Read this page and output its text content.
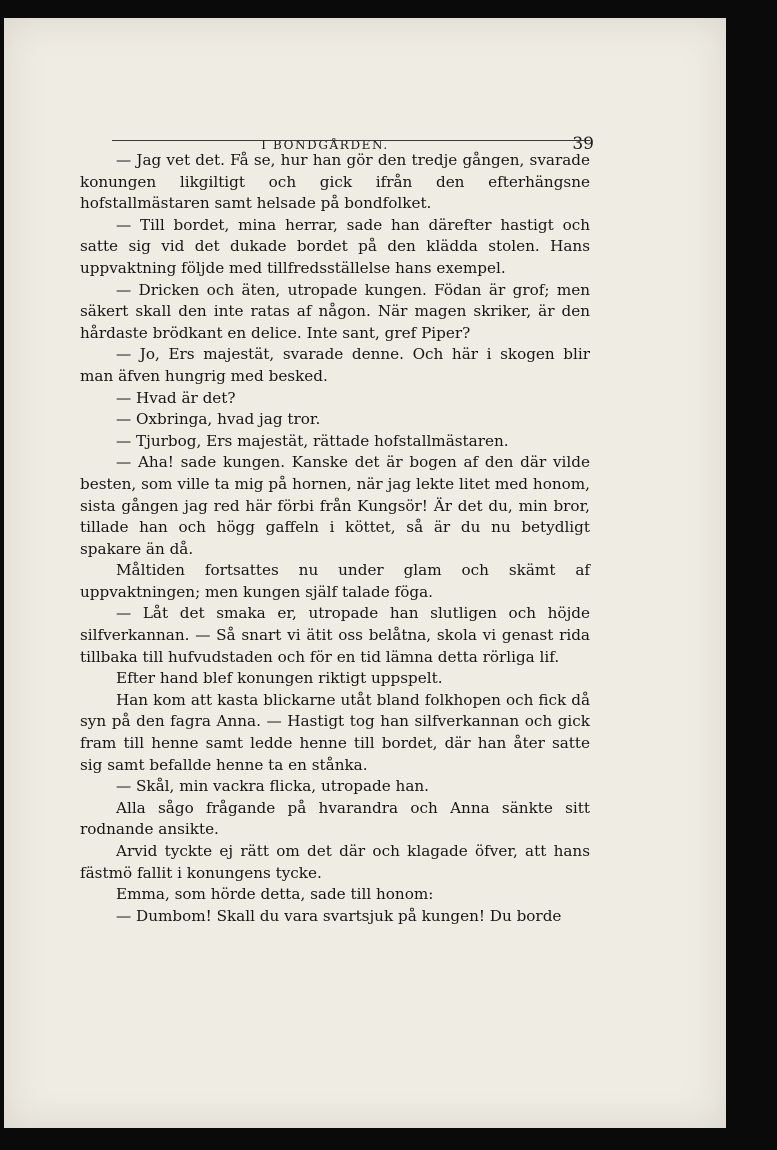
I BONDGÅRDEN.	39

— Jag vet det. Få se, hur han gör den tredje gången, svarade konungen likgiltigt och gick ifrån den efterhängsne hofstallmästaren samt helsade på bondfolket.

— Till bordet, mina herrar, sade han därefter hastigt och satte sig vid det dukade bordet på den klädda stolen. Hans uppvaktning följde med tillfredsställelse hans exempel.

— Dricken och äten, utropade kungen. Födan är grof; men säkert skall den inte ratas af någon. När magen skriker, är den hårdaste brödkant en delice. Inte sant, gref Piper?

— Jo, Ers majestät, svarade denne. Och här i skogen blir man äfven hungrig med besked.

— Hvad är det?

— Oxbringa, hvad jag tror.

— Tjurbog, Ers majestät, rättade hofstallmästaren.

— Aha! sade kungen. Kanske det är bogen af den där vilde besten, som ville ta mig på hornen, när jag lekte litet med honom, sista gången jag red här förbi från Kungsör! Är det du, min bror, tillade han och högg gaffeln i köttet, så är du nu betydligt spakare än då.

Måltiden fortsattes nu under glam och skämt af uppvaktningen; men kungen själf talade föga.

— Låt det smaka er, utropade han slutligen och höjde silfverkannan. — Så snart vi ätit oss belåtna, skola vi genast rida tillbaka till hufvudstaden och för en tid lämna detta rörliga lif.

Efter hand blef konungen riktigt uppspelt.

Han kom att kasta blickarne utåt bland folkhopen och fick då syn på den fagra Anna. — Hastigt tog han silfverkannan och gick fram till henne samt ledde henne till bordet, där han åter satte sig samt befallde henne ta en stånka.

— Skål, min vackra flicka, utropade han.

Alla sågo frågande på hvarandra och Anna sänkte sitt rodnande ansikte.

Arvid tyckte ej rätt om det där och klagade öfver, att hans fästmö fallit i konungens tycke.

Emma, som hörde detta, sade till honom:

— Dumbom! Skall du vara svartsjuk på kungen! Du borde
